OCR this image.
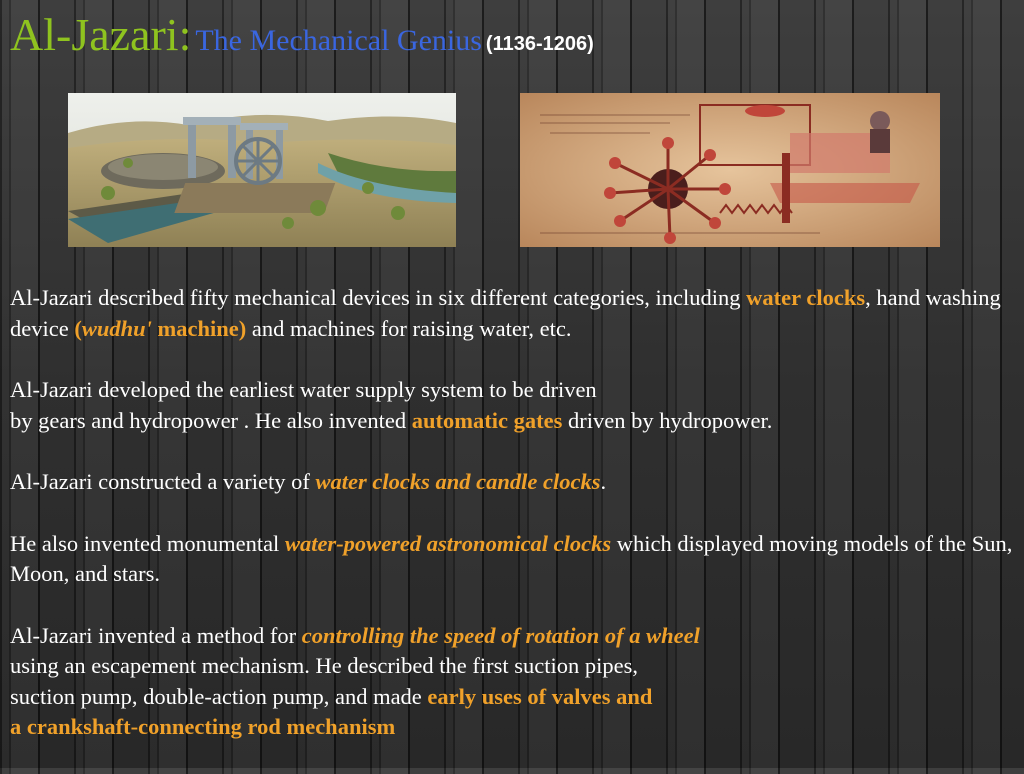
Al-Jazari: The Mechanical Genius (1136-1206)

Al-Jazari described fifty mechanical devices in six different categories, including water clocks, hand washing device (wudhu' machine) and machines for raising water, etc.

Al-Jazari developed the earliest water supply system to be driven
by gears and hydropower . He also invented automatic gates driven by hydropower.

Al-Jazari constructed a variety of water clocks and candle clocks.

He also invented monumental water-powered astronomical clocks which displayed moving models of the Sun, Moon, and stars.

Al-Jazari invented a method for controlling the speed of rotation of a wheel
using an escapement mechanism. He described the first suction pipes,
suction pump, double-action pump, and made early uses of valves and
a crankshaft-connecting rod mechanism
